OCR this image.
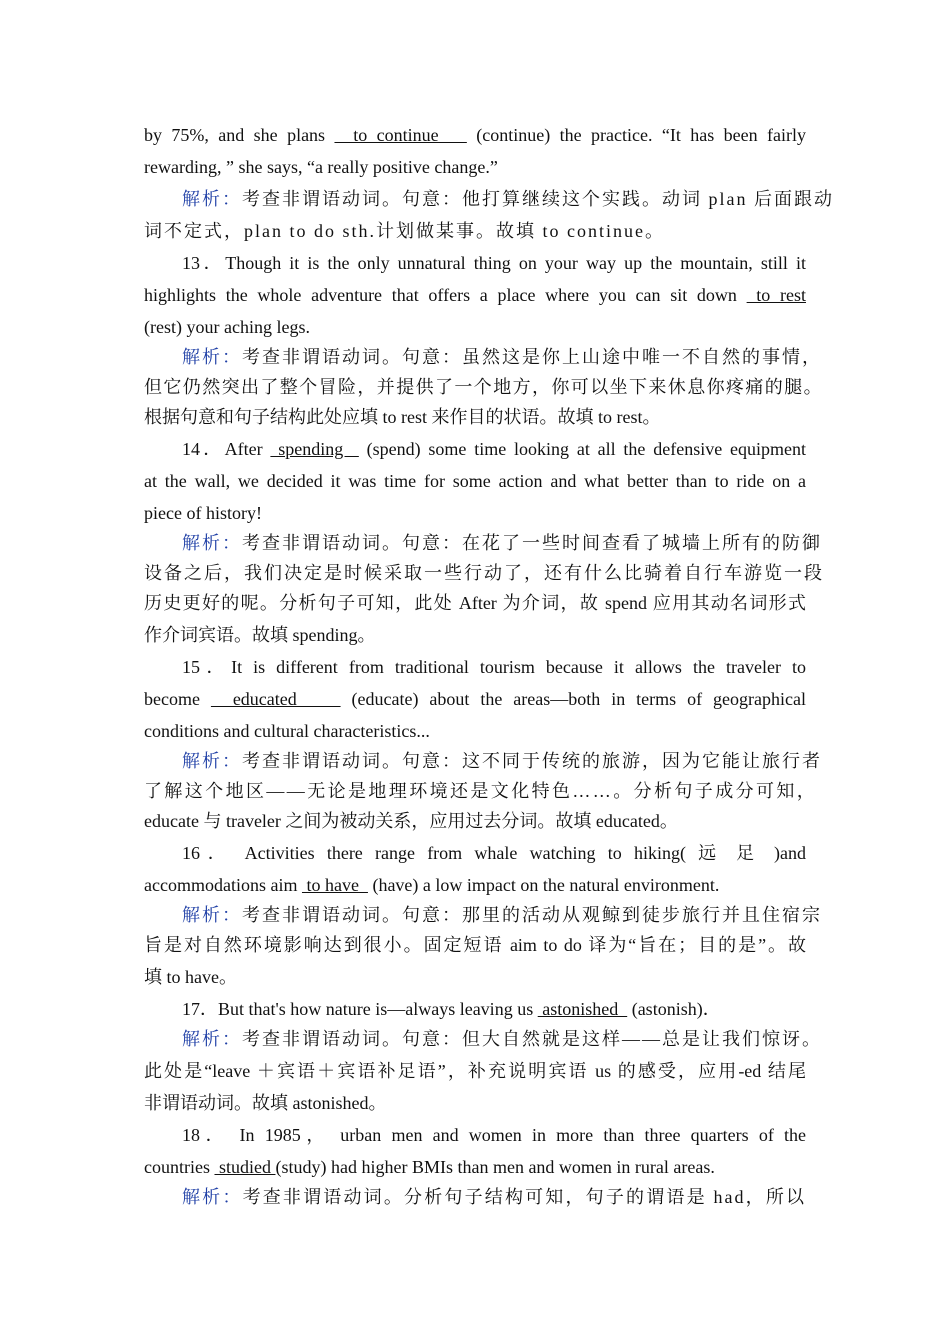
by 75%, and she plans   to continue    (continue) the practice. “It has been fairly
rewarding, ” she says, “a really positive change.”
解析：考查非谓语动词。句意：他打算继续这个实践。动词 plan 后面跟动
词不定式，plan to do sth.计划做某事。故填 to continue。
13．Though it is the only unnatural thing on your way up the mountain, still it
highlights the whole adventure that offers a place where you can sit down  to rest
(rest) your aching legs.
解析：考查非谓语动词。句意：虽然这是你上山途中唯一不自然的事情，
但它仍然突出了整个冒险，并提供了一个地方，你可以坐下来休息你疼痛的腿。
根据句意和句子结构此处应填 to rest 来作目的状语。故填 to rest。
14．After  spending   (spend) some time looking at all the defensive equipment
at the wall, we decided it was time for some action and what better than to ride on a
piece of history!
解析：考查非谓语动词。句意：在花了一些时间查看了城墙上所有的防御
设备之后，我们决定是时候采取一些行动了，还有什么比骑着自行车游览一段
历史更好的呢。分析句子可知，此处 After 为介词，故 spend 应用其动名词形式
作介词宾语。故填 spending。
15．It is different from traditional tourism because it allows the traveler to
become   educated     (educate) about the areas—both in terms of geographical
conditions and cultural characteristics...
解析：考查非谓语动词。句意：这不同于传统的旅游，因为它能让旅行者
了解这个地区——无论是地理环境还是文化特色……。分析句子成分可知，
educate 与 traveler 之间为被动关系，应用过去分词。故填 educated。
16． Activities there range from whale watching to hiking( 远 足 )and
accommodations aim  to have   (have) a low impact on the natural environment.
解析：考查非谓语动词。句意：那里的活动从观鲸到徒步旅行并且住宿宗
旨是对自然环境影响达到很小。固定短语 aim to do 译为“旨在；目的是”。故
填 to have。
17．But that's how nature is—always leaving us  astonished   (astonish)．
解析：考查非谓语动词。句意：但大自然就是这样——总是让我们惊讶。
此处是“leave ＋宾语＋宾语补足语”，补充说明宾语 us 的感受，应用-ed 结尾
非谓语动词。故填 astonished。
18． In 1985， urban men and women in more than three quarters of the
countries  studied (study) had higher BMIs than men and women in rural areas.
解析：考查非谓语动词。分析句子结构可知，句子的谓语是 had，所以
